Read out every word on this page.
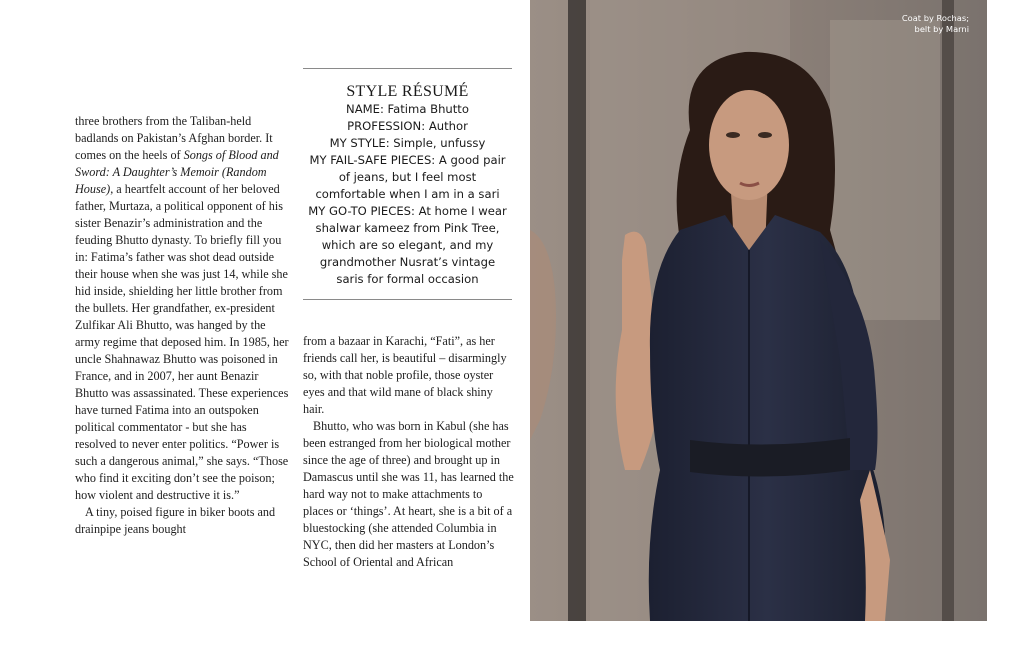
three brothers from the Taliban-held badlands on Pakistan’s Afghan border. It comes on the heels of Songs of Blood and Sword: A Daughter’s Memoir (Random House), a heartfelt account of her beloved father, Murtaza, a political opponent of his sister Benazir’s administration and the feuding Bhutto dynasty. To briefly fill you in: Fatima’s father was shot dead outside their house when she was just 14, while she hid inside, shielding her little brother from the bullets. Her grandfather, ex-president Zulfikar Ali Bhutto, was hanged by the army regime that deposed him. In 1985, her uncle Shahnawaz Bhutto was poisoned in France, and in 2007, her aunt Benazir Bhutto was assassinated. These experiences have turned Fatima into an outspoken political commentator - but she has resolved to never enter politics. “Power is such a dangerous animal,” she says. “Those who find it exciting don’t see the poison; how violent and destructive it is.”

A tiny, poised figure in biker boots and drainpipe jeans bought

STYLE RÉSUMÉ
NAME: Fatima Bhutto
PROFESSION: Author
MY STYLE: Simple, unfussy
MY FAIL-SAFE PIECES: A good pair of jeans, but I feel most comfortable when I am in a sari
MY GO-TO PIECES: At home I wear shalwar kameez from Pink Tree, which are so elegant, and my grandmother Nusrat’s vintage saris for formal occasion

from a bazaar in Karachi, “Fati”, as her friends call her, is beautiful – disarmingly so, with that noble profile, those oyster eyes and that wild mane of black shiny hair.

Bhutto, who was born in Kabul (she has been estranged from her biological mother since the age of three) and brought up in Damascus until she was 11, has learned the hard way not to make attachments to places or ‘things’. At heart, she is a bit of a bluestocking (she attended Columbia in NYC, then did her masters at London’s School of Oriental and African

Coat by Rochas;
belt by Marni
